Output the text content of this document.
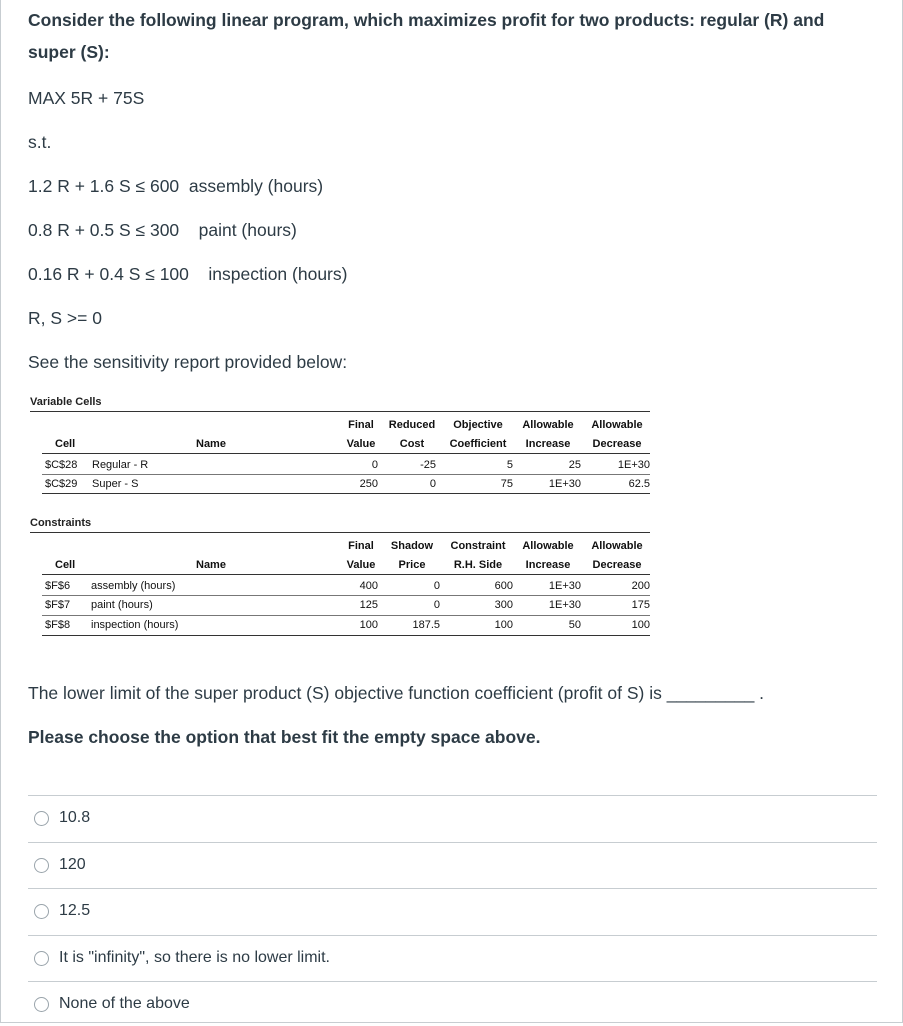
Consider the following linear program, which maximizes profit for two products: regular (R) and

super (S):

MAX 5R + 75S

s.t.

1.2 R + 1.6 S ≤ 600 assembly (hours)

0.8 R + 0.5 S ≤ 300 paint (hours)

0.16 R + 0.4 S ≤ 100 inspection (hours)

R, S >= 0

See the sensitivity report provided below:

Variable Cells
Final	Reduced	Objective	Allowable	Allowable
Cell	Name	Value	Cost	Coefficient	Increase	Decrease
$C$28 Regular - R	0	-25	5	25	1E+30
$C$29 Super - S	250	0	75	1E+30	62.5
Constraints
Final	Shadow	Constraint	Allowable	Allowable
Cell	Name	Value	Price	R.H. Side	Increase	Decrease
$F$6 assembly (hours)	400	0	600	1E+30	200
$F$7 paint (hours)	125	0	300	1E+30	175
$F$8 inspection (hours)	100	187.5	100	50	100

The lower limit of the super product (S) objective function coefficient (profit of S) is _________ .

Please choose the option that best fit the empty space above.

10.8
120
12.5
It is "infinity", so there is no lower limit.
None of the above
